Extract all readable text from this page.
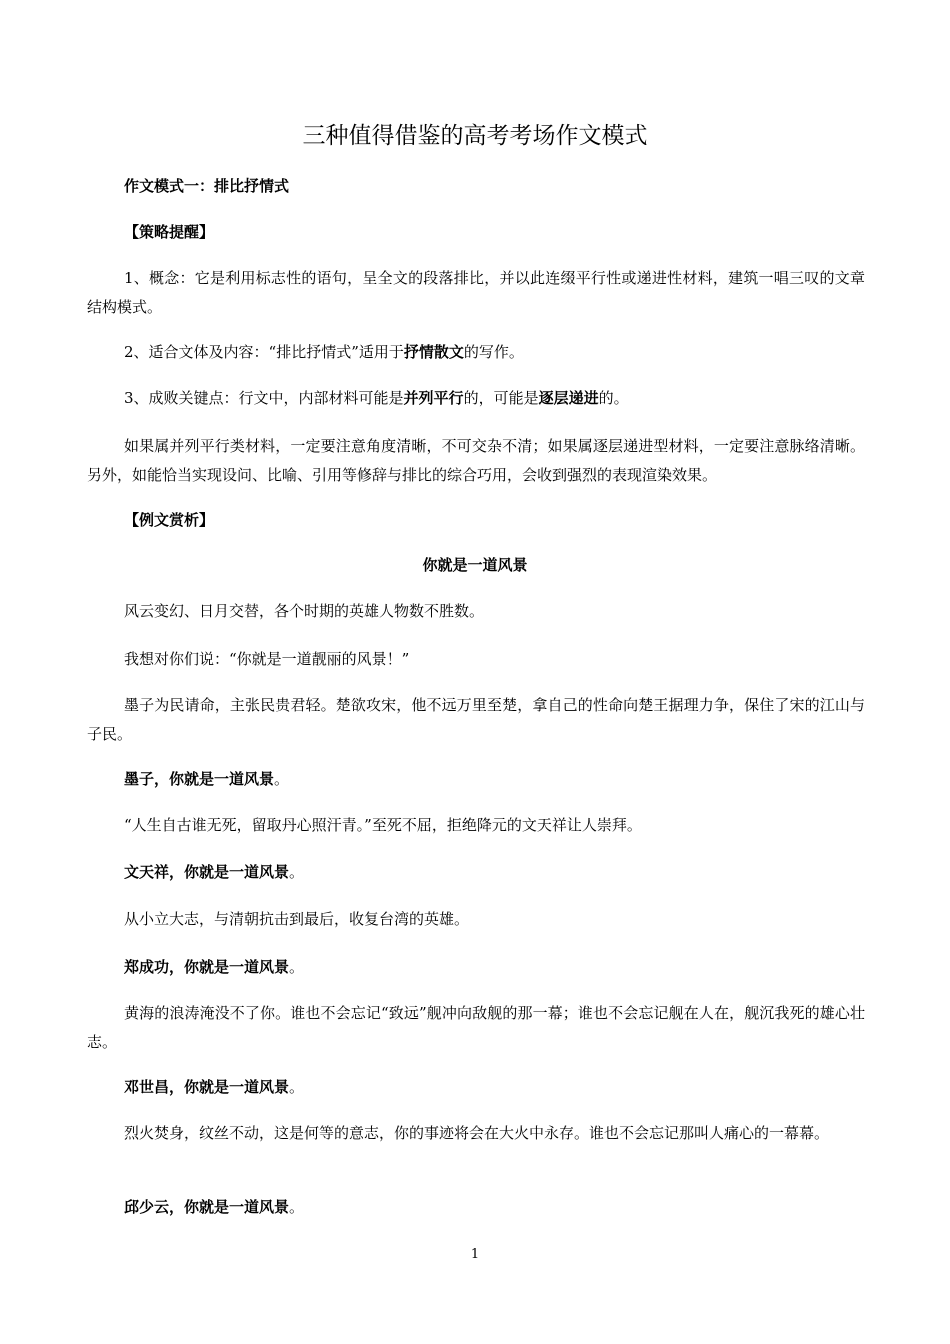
三种值得借鉴的高考考场作文模式
作文模式一：排比抒情式
【策略提醒】
1、概念：它是利用标志性的语句，呈全文的段落排比，并以此连缀平行性或递进性材料，建筑一唱三叹的文章结构模式。
2、适合文体及内容：“排比抒情式”适用于抒情散文的写作。
3、成败关键点：行文中，内部材料可能是并列平行的，可能是逐层递进的。
如果属并列平行类材料，一定要注意角度清晰，不可交杂不清；如果属逐层递进型材料，一定要注意脉络清晰。另外，如能恰当实现设问、比喻、引用等修辞与排比的综合巧用，会收到强烈的表现渲染效果。
【例文赏析】
你就是一道风景
风云变幻、日月交替，各个时期的英雄人物数不胜数。
我想对你们说：“你就是一道靓丽的风景！”
墨子为民请命，主张民贵君轻。楚欲攻宋，他不远万里至楚，拿自己的性命向楚王据理力争，保住了宋的江山与子民。
墨子，你就是一道风景。
“人生自古谁无死，留取丹心照汗青。”至死不屈，拒绝降元的文天祥让人崇拜。
文天祥，你就是一道风景。
从小立大志，与清朝抗击到最后，收复台湾的英雄。
郑成功，你就是一道风景。
黄海的浪涛淹没不了你。谁也不会忘记“致远”舰冲向敌舰的那一幕；谁也不会忘记舰在人在，舰沉我死的雄心壮志。
邓世昌，你就是一道风景。
烈火焚身，纹丝不动，这是何等的意志，你的事迹将会在大火中永存。谁也不会忘记那叫人痛心的一幕幕。
邱少云，你就是一道风景。
1
